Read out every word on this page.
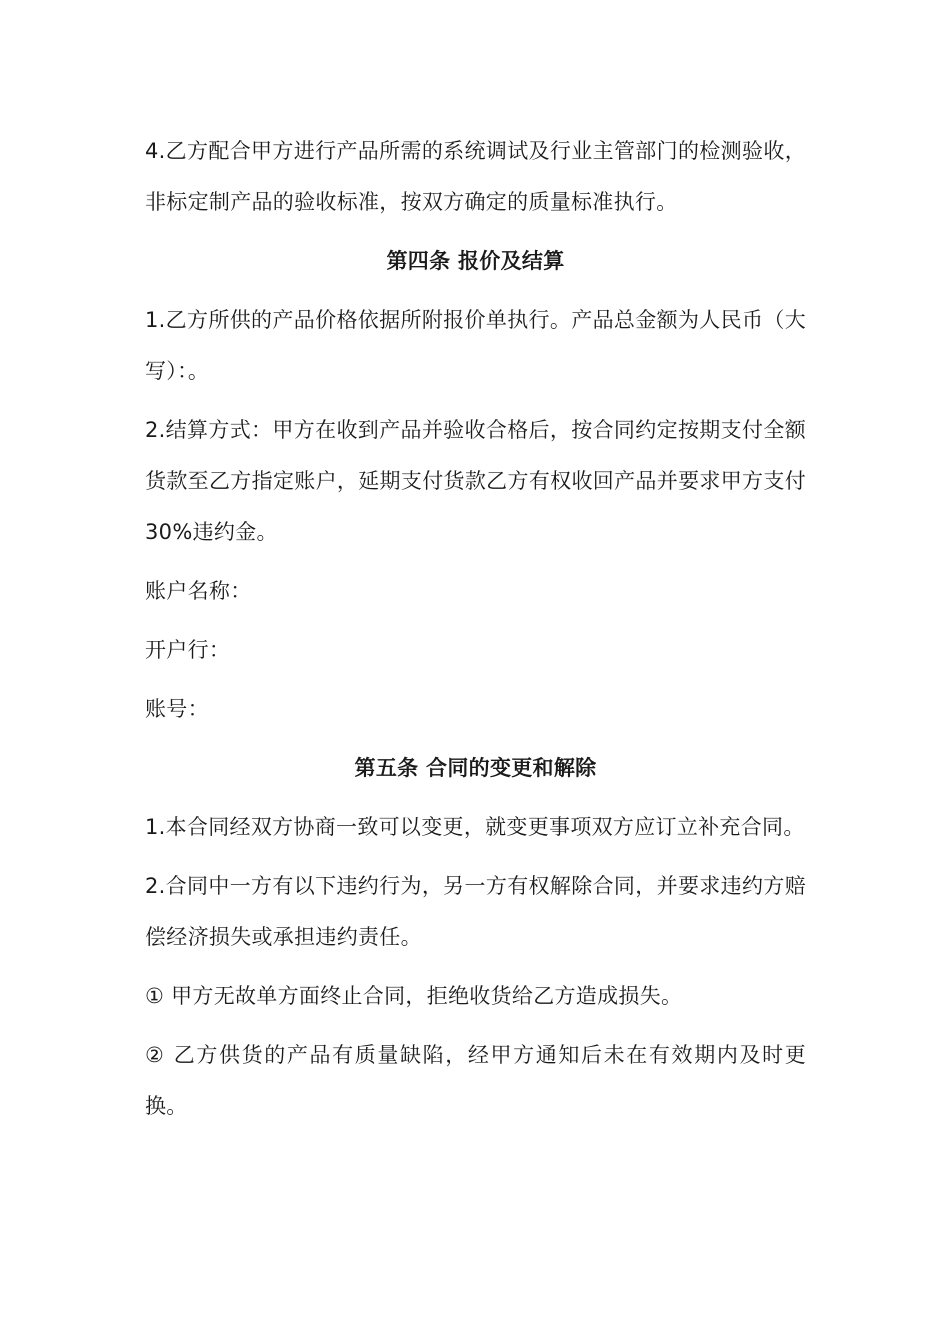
4.乙方配合甲方进行产品所需的系统调试及行业主管部门的检测验收，非标定制产品的验收标准，按双方确定的质量标准执行。

第四条 报价及结算

1.乙方所供的产品价格依据所附报价单执行。产品总金额为人民币（大写）：。

2.结算方式：甲方在收到产品并验收合格后，按合同约定按期支付全额货款至乙方指定账户，延期支付货款乙方有权收回产品并要求甲方支付30%违约金。

账户名称：

开户行：

账号：

第五条 合同的变更和解除

1.本合同经双方协商一致可以变更，就变更事项双方应订立补充合同。

2.合同中一方有以下违约行为，另一方有权解除合同，并要求违约方赔偿经济损失或承担违约责任。

① 甲方无故单方面终止合同，拒绝收货给乙方造成损失。

② 乙方供货的产品有质量缺陷，经甲方通知后未在有效期内及时更换。
